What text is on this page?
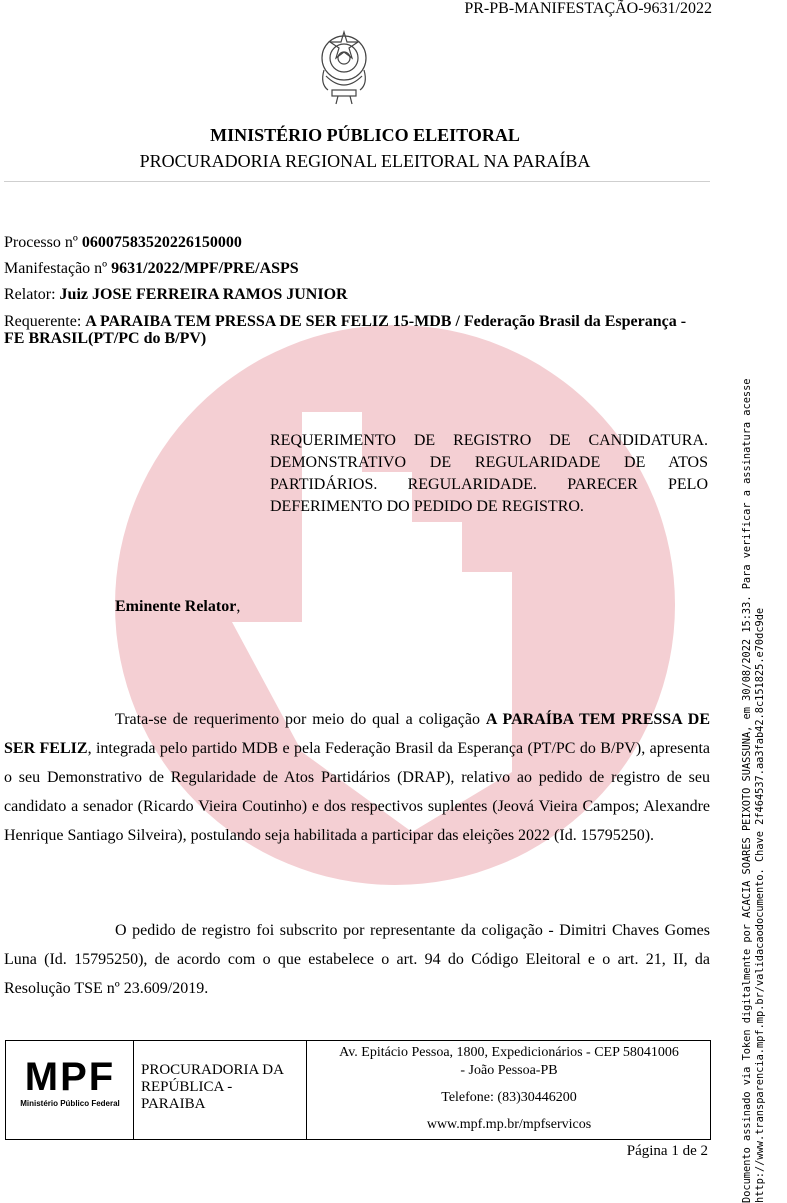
PR-PB-MANIFESTAÇÃO-9631/2022
MINISTÉRIO PÚBLICO ELEITORAL
PROCURADORIA REGIONAL ELEITORAL NA PARAÍBA

Processo nº 06007583520226150000

Manifestação nº 9631/2022/MPF/PRE/ASPS

Relator: Juiz JOSE FERREIRA RAMOS JUNIOR

Requerente: A PARAIBA TEM PRESSA DE SER FELIZ 15-MDB / Federação Brasil da Esperança - FE BRASIL(PT/PC do B/PV)

REQUERIMENTO DE REGISTRO DE CANDIDATURA. DEMONSTRATIVO DE REGULARIDADE DE ATOS PARTIDÁRIOS. REGULARIDADE. PARECER PELO DEFERIMENTO DO PEDIDO DE REGISTRO.
Eminente Relator,
Trata-se de requerimento por meio do qual a coligação A PARAÍBA TEM PRESSA DE SER FELIZ, integrada pelo partido MDB e pela Federação Brasil da Esperança (PT/PC do B/PV), apresenta o seu Demonstrativo de Regularidade de Atos Partidários (DRAP), relativo ao pedido de registro de seu candidato a senador (Ricardo Vieira Coutinho) e dos respectivos suplentes (Jeová Vieira Campos; Alexandre Henrique Santiago Silveira), postulando seja habilitada a participar das eleições 2022 (Id. 15795250).
O pedido de registro foi subscrito por representante da coligação - Dimitri Chaves Gomes Luna (Id. 15795250), de acordo com o que estabelece o art. 94 do Código Eleitoral e o art. 21, II, da Resolução TSE nº 23.609/2019.
MPF
Ministério Público Federal
PROCURADORIA DA
REPÚBLICA -
PARAIBA

Av. Epitácio Pessoa, 1800, Expedicionários - CEP 58041006

- João Pessoa-PB

Telefone: (83)30446200

www.mpf.mp.br/mpfservicos

Página 1 de 2	Documento assinado via Token digitalmente por ACACIA SOARES PEIXOTO SUASSUNA, em 30/08/2022 15:33. Para verificar a assinatura acesse http://www.transparencia.mpf.mp.br/validacaodocumento. Chave 2f464537.aa3fab42.8c151825.e70dc9de
